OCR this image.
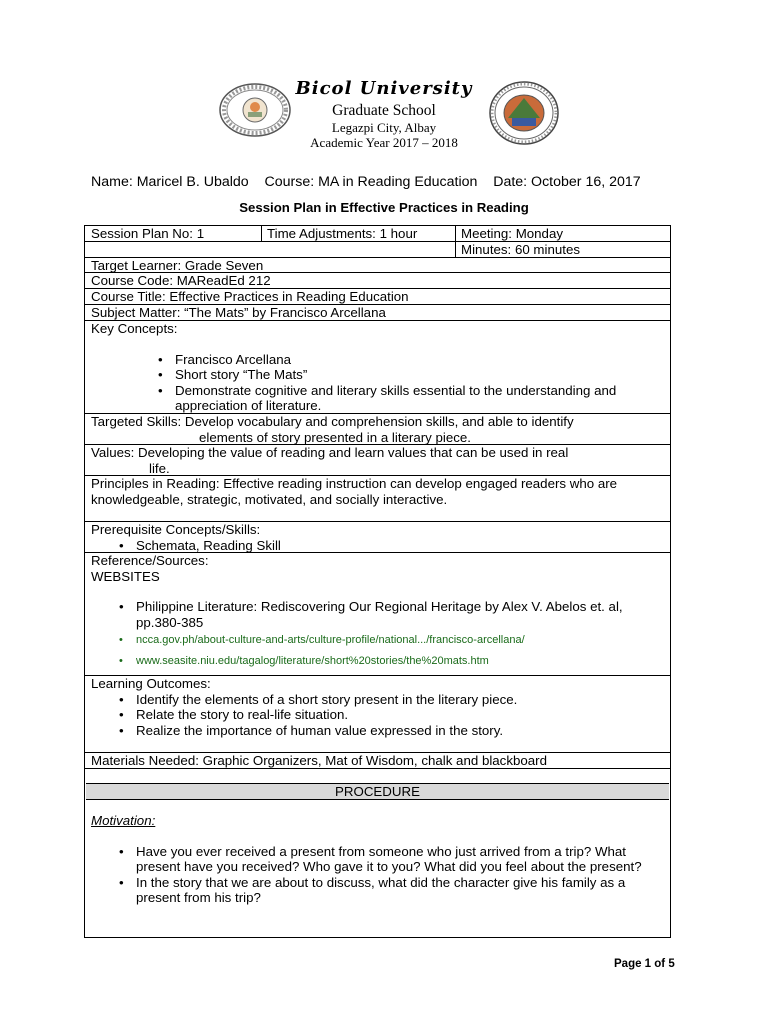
Bicol University
Graduate School
Legazpi City, Albay
Academic Year 2017 – 2018
Name: Maricel B. Ubaldo Course: MA in Reading Education Date: October 16, 2017
Session Plan in Effective Practices in Reading
Session Plan No: 1	Time Adjustments: 1 hour	Meeting: Monday
Minutes: 60 minutes
Target Learner: Grade Seven
Course Code: MAReadEd 212
Course Title: Effective Practices in Reading Education
Subject Matter: “The Mats” by Francisco Arcellana
Key Concepts:
• Francisco Arcellana
• Short story “The Mats”
• Demonstrate cognitive and literary skills essential to the understanding and appreciation of literature.
Targeted Skills: Develop vocabulary and comprehension skills, and able to identify
elements of story presented in a literary piece.
Values: Developing the value of reading and learn values that can be used in real
life.
Principles in Reading: Effective reading instruction can develop engaged readers who are knowledgeable, strategic, motivated, and socially interactive.
Prerequisite Concepts/Skills:
• Schemata, Reading Skill
Reference/Sources:
WEBSITES
• Philippine Literature: Rediscovering Our Regional Heritage by Alex V. Abelos et. al, pp.380-385
• ncca.gov.ph/about-culture-and-arts/culture-profile/national.../francisco-arcellana/
• www.seasite.niu.edu/tagalog/literature/short%20stories/the%20mats.htm
Learning Outcomes:
• Identify the elements of a short story present in the literary piece.
• Relate the story to real-life situation.
• Realize the importance of human value expressed in the story.
Materials Needed: Graphic Organizers, Mat of Wisdom, chalk and blackboard
PROCEDURE
Motivation:
• Have you ever received a present from someone who just arrived from a trip? What present have you received? Who gave it to you? What did you feel about the present?
• In the story that we are about to discuss, what did the character give his family as a present from his trip?
Page 1 of 5
